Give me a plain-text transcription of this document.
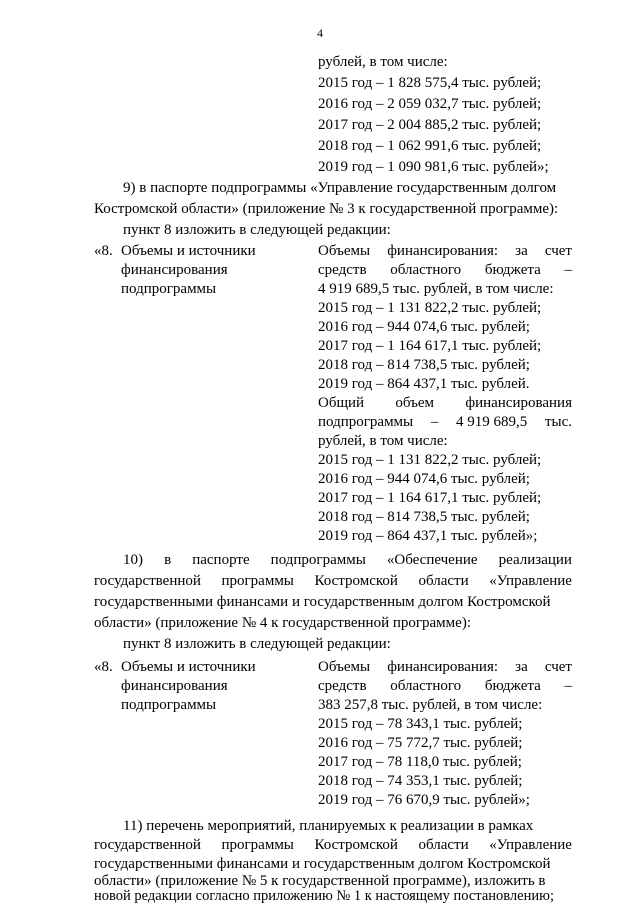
4
рублей, в том числе:
2015 год – 1 828 575,4 тыс. рублей;
2016 год – 2 059 032,7 тыс. рублей;
2017 год – 2 004 885,2 тыс. рублей;
2018 год – 1 062 991,6 тыс. рублей;
2019 год – 1 090 981,6 тыс. рублей»;
9) в паспорте подпрограммы «Управление государственным долгом
Костромской области» (приложение № 3 к государственной программе):
пункт 8 изложить в следующей редакции:
«8. Объемы и источники
финансирования
подпрограммы
Объемы финансирования: за счет
средств областного бюджета –
4 919 689,5 тыс. рублей, в том числе:
2015 год – 1 131 822,2 тыс. рублей;
2016 год – 944 074,6 тыс. рублей;
2017 год – 1 164 617,1 тыс. рублей;
2018 год – 814 738,5 тыс. рублей;
2019 год – 864 437,1 тыс. рублей.
Общий объем финансирования
подпрограммы – 4 919 689,5 тыс.
рублей, в том числе:
2015 год – 1 131 822,2 тыс. рублей;
2016 год – 944 074,6 тыс. рублей;
2017 год – 1 164 617,1 тыс. рублей;
2018 год – 814 738,5 тыс. рублей;
2019 год – 864 437,1 тыс. рублей»;
10) в паспорте подпрограммы «Обеспечение реализации
государственной программы Костромской области «Управление
государственными финансами и государственным долгом Костромской
области» (приложение № 4 к государственной программе):
пункт 8 изложить в следующей редакции:
«8. Объемы и источники
финансирования
подпрограммы
Объемы финансирования: за счет
средств областного бюджета –
383 257,8 тыс. рублей, в том числе:
2015 год – 78 343,1 тыс. рублей;
2016 год – 75 772,7 тыс. рублей;
2017 год – 78 118,0 тыс. рублей;
2018 год – 74 353,1 тыс. рублей;
2019 год – 76 670,9 тыс. рублей»;
11) перечень мероприятий, планируемых к реализации в рамках
государственной программы Костромской области «Управление
государственными финансами и государственным долгом Костромской
области» (приложение № 5 к государственной программе), изложить в
новой редакции согласно приложению № 1 к настоящему постановлению;
